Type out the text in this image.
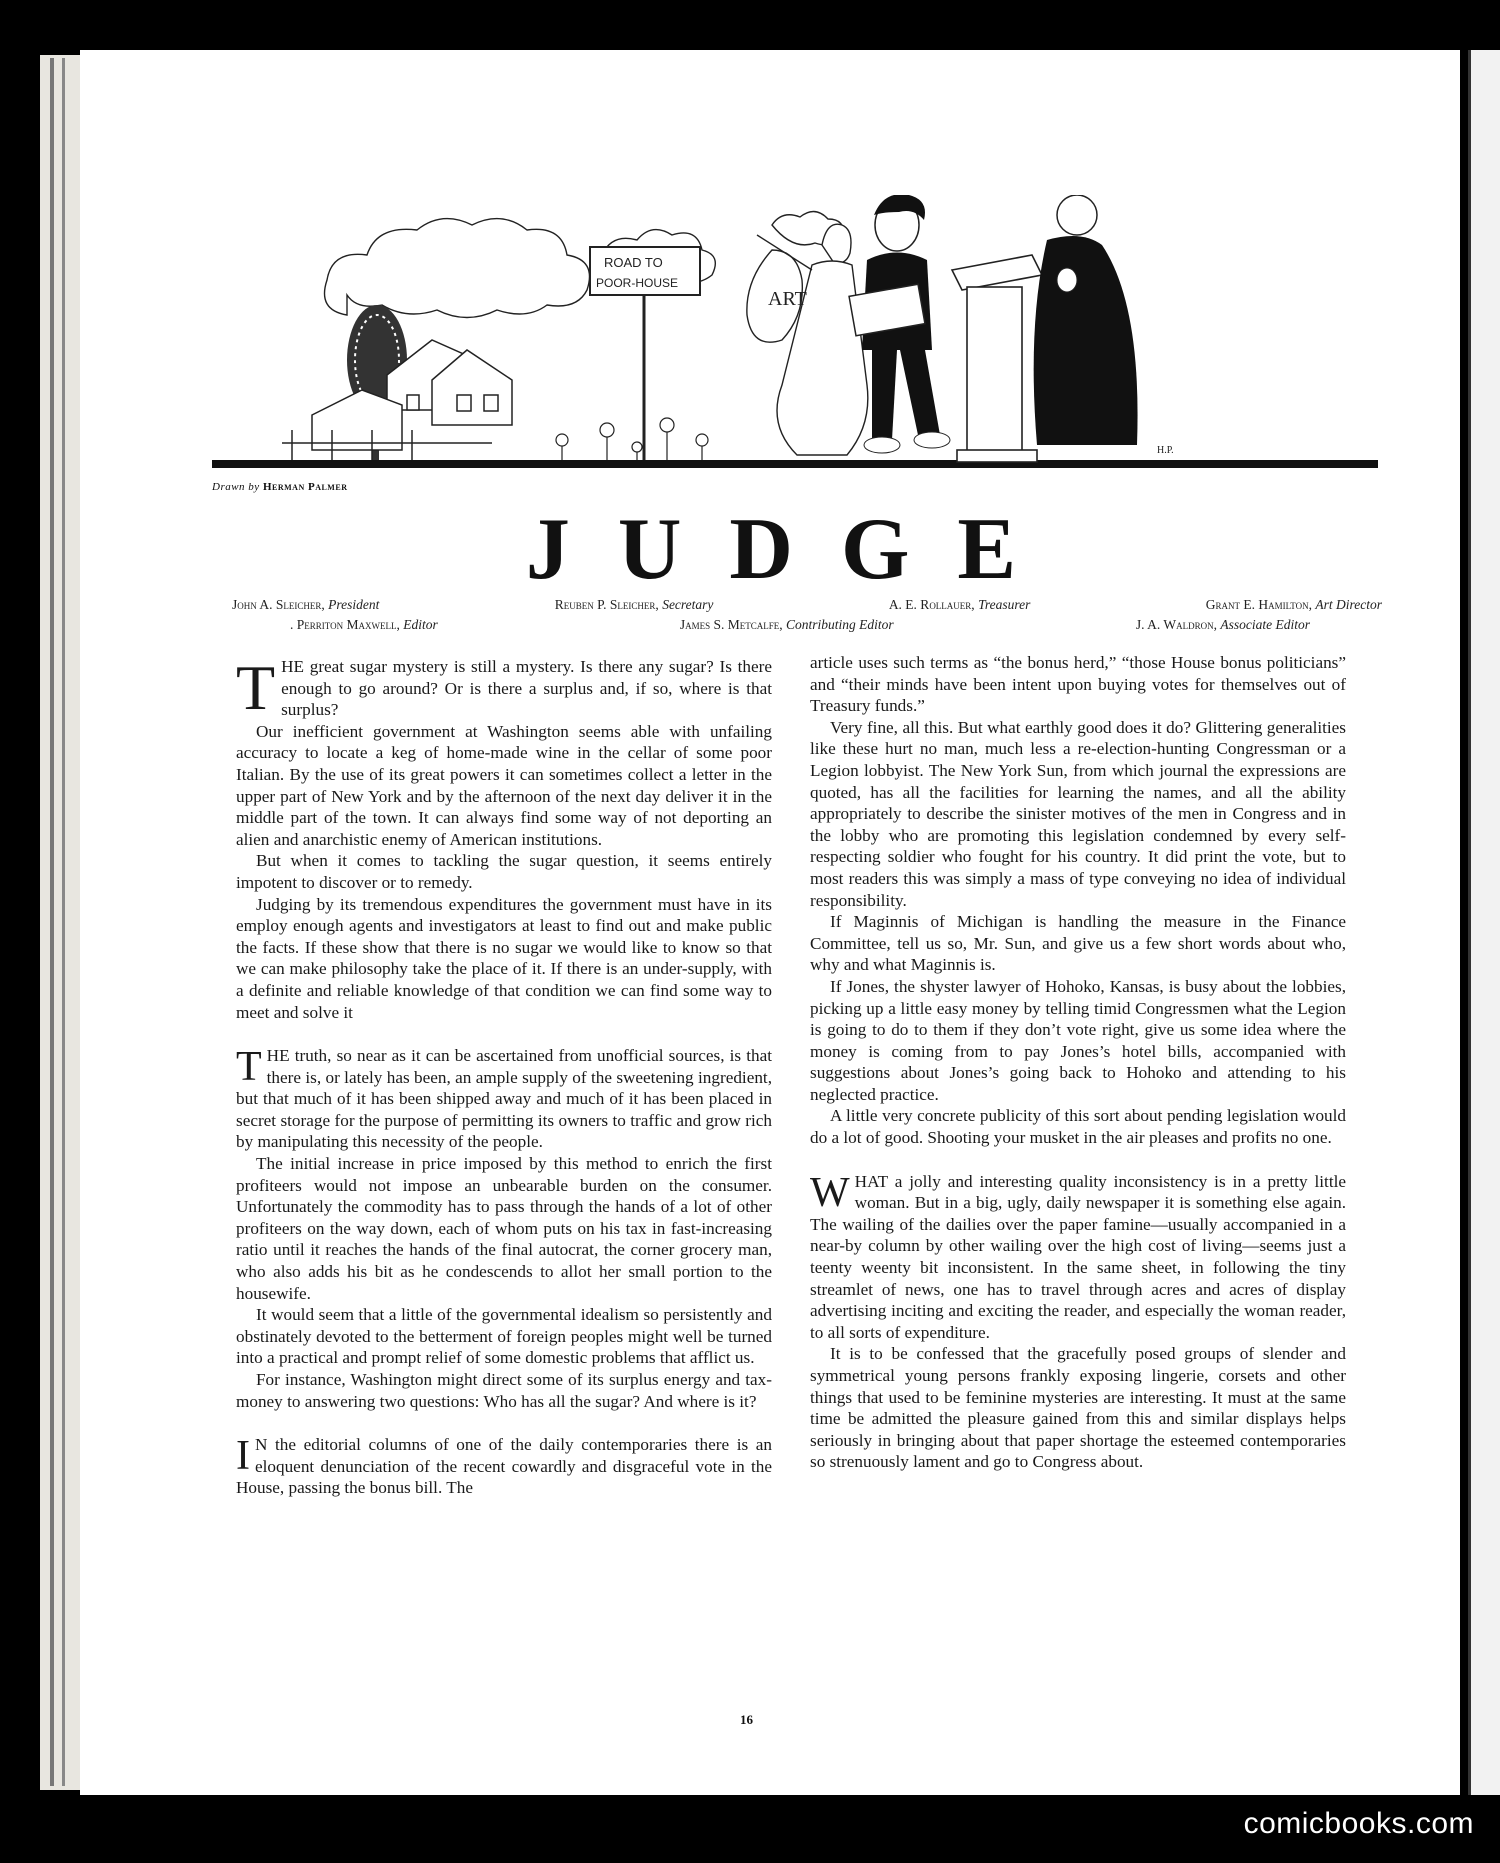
ROAD TO
POOR-HOUSE
ART
H.P.
Drawn by Herman Palmer
JUDGE
John A. Sleicher, President	Reuben P. Sleicher, Secretary	A. E. Rollauer, Treasurer	Grant E. Hamilton, Art Director
. Perriton Maxwell, Editor	James S. Metcalfe, Contributing Editor	J. A. Waldron, Associate Editor

THE great sugar mystery is still a mystery. Is there any sugar? Is there enough to go around? Or is there a surplus and, if so, where is that surplus?

Our inefficient government at Washington seems able with unfailing accuracy to locate a keg of home-made wine in the cellar of some poor Italian. By the use of its great powers it can sometimes collect a letter in the upper part of New York and by the afternoon of the next day deliver it in the middle part of the town. It can always find some way of not deporting an alien and anarchistic enemy of American institutions.

But when it comes to tackling the sugar question, it seems entirely impotent to discover or to remedy.

Judging by its tremendous expenditures the government must have in its employ enough agents and investigators at least to find out and make public the facts. If these show that there is no sugar we would like to know so that we can make philosophy take the place of it. If there is an under-supply, with a definite and reliable knowledge of that condition we can find some way to meet and solve it

THE truth, so near as it can be ascertained from unofficial sources, is that there is, or lately has been, an ample supply of the sweetening ingredient, but that much of it has been shipped away and much of it has been placed in secret storage for the purpose of permitting its owners to traffic and grow rich by manipulating this necessity of the people.

The initial increase in price imposed by this method to enrich the first profiteers would not impose an unbearable burden on the consumer. Unfortunately the commodity has to pass through the hands of a lot of other profiteers on the way down, each of whom puts on his tax in fast-increasing ratio until it reaches the hands of the final autocrat, the corner grocery man, who also adds his bit as he condescends to allot her small portion to the housewife.

It would seem that a little of the governmental idealism so persistently and obstinately devoted to the betterment of foreign peoples might well be turned into a practical and prompt relief of some domestic problems that afflict us.

For instance, Washington might direct some of its surplus energy and tax-money to answering two questions: Who has all the sugar? And where is it?

I N the editorial columns of one of the daily contemporaries there is an eloquent denunciation of the recent cowardly and disgraceful vote in the House, passing the bonus bill. The

article uses such terms as “the bonus herd,” “those House bonus politicians” and “their minds have been intent upon buying votes for themselves out of Treasury funds.”

Very fine, all this. But what earthly good does it do? Glittering generalities like these hurt no man, much less a re-election-hunting Congressman or a Legion lobbyist. The New York Sun, from which journal the expressions are quoted, has all the facilities for learning the names, and all the ability appropriately to describe the sinister motives of the men in Congress and in the lobby who are promoting this legislation condemned by every self-respecting soldier who fought for his country. It did print the vote, but to most readers this was simply a mass of type conveying no idea of individual responsibility.

If Maginnis of Michigan is handling the measure in the Finance Committee, tell us so, Mr. Sun, and give us a few short words about who, why and what Maginnis is.

If Jones, the shyster lawyer of Hohoko, Kansas, is busy about the lobbies, picking up a little easy money by telling timid Congressmen what the Legion is going to do to them if they don’t vote right, give us some idea where the money is coming from to pay Jones’s hotel bills, accompanied with suggestions about Jones’s going back to Hohoko and attending to his neglected practice.

A little very concrete publicity of this sort about pending legislation would do a lot of good. Shooting your musket in the air pleases and profits no one.

WHAT a jolly and interesting quality inconsistency is in a pretty little woman. But in a big, ugly, daily newspaper it is something else again. The wailing of the dailies over the paper famine—usually accompanied in a near-by column by other wailing over the high cost of living—seems just a teenty weenty bit inconsistent. In the same sheet, in following the tiny streamlet of news, one has to travel through acres and acres of display advertising inciting and exciting the reader, and especially the woman reader, to all sorts of expenditure.

It is to be confessed that the gracefully posed groups of slender and symmetrical young persons frankly exposing lingerie, corsets and other things that used to be feminine mysteries are interesting. It must at the same time be admitted the pleasure gained from this and similar displays helps seriously in bringing about that paper shortage the esteemed contemporaries so strenuously lament and go to Congress about.

16
comicbooks.com
